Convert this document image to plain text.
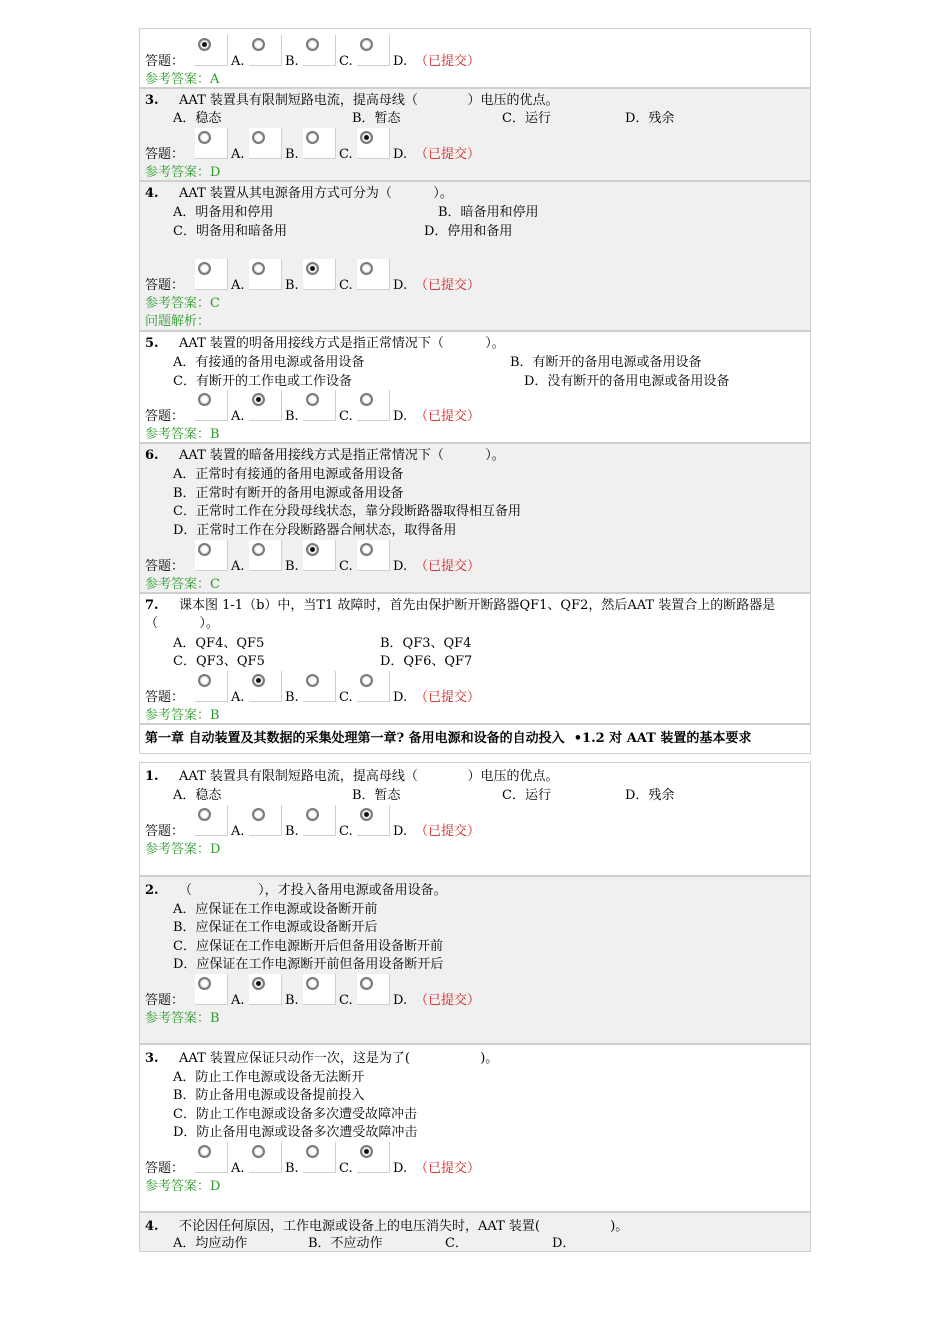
答题：	A.	B.	C.	D. （已提交）
参考答案：A
3. AAT 装置具有限制短路电流，提高母线（            ）电压的优点。
A．稳态	B．暂态	C．运行	D．残余
答题：	A.	B.	C.	D. （已提交）
参考答案：D
4. AAT 装置从其电源备用方式可分为（          ）。
A．明备用和停用	B．暗备用和停用
C．明备用和暗备用	D．停用和备用
答题：	A.	B.	C.	D. （已提交）
参考答案：C
问题解析：
5. AAT 装置的明备用接线方式是指正常情况下（          ）。
A．有接通的备用电源或备用设备	B．有断开的备用电源或备用设备
C．有断开的工作电或工作设备	D．没有断开的备用电源或备用设备
答题：	A.	B.	C.	D. （已提交）
参考答案：B
6. AAT 装置的暗备用接线方式是指正常情况下（          ）。
A．正常时有接通的备用电源或备用设备
B．正常时有断开的备用电源或备用设备
C．正常时工作在分段母线状态，靠分段断路器取得相互备用
D．正常时工作在分段断路器合闸状态，取得备用
答题：	A.	B.	C.	D. （已提交）
参考答案：C
7. 课本图 1-1（b）中，当T1 故障时，首先由保护断开断路器QF1、QF2，然后AAT 装置合上的断路器是
（          ）。
A．QF4、QF5	B．QF3、QF4
C．QF3、QF5	D．QF6、QF7
答题：	A.	B.	C.	D. （已提交）
参考答案：B
第一章 自动装置及其数据的采集处理第一章? 备用电源和设备的自动投入  •1.2 对 AAT 装置的基本要求
1. AAT 装置具有限制短路电流，提高母线（            ）电压的优点。
A．稳态	B．暂态	C．运行	D．残余
答题：	A.	B.	C.	D. （已提交）
参考答案：D
2. （                ），才投入备用电源或备用设备。
A．应保证在工作电源或设备断开前
B．应保证在工作电源或设备断开后
C．应保证在工作电源断开后但备用设备断开前
D．应保证在工作电源断开前但备用设备断开后
答题：	A.	B.	C.	D. （已提交）
参考答案：B
3. AAT 装置应保证只动作一次，这是为了(                 )。
A．防止工作电源或设备无法断开
B．防止备用电源或设备提前投入
C．防止工作电源或设备多次遭受故障冲击
D．防止备用电源或设备多次遭受故障冲击
答题：	A.	B.	C.	D. （已提交）
参考答案：D
4. 不论因任何原因，工作电源或设备上的电压消失时，AAT 装置(                 )。
A．均应动作	B．不应动作	C．	D．
